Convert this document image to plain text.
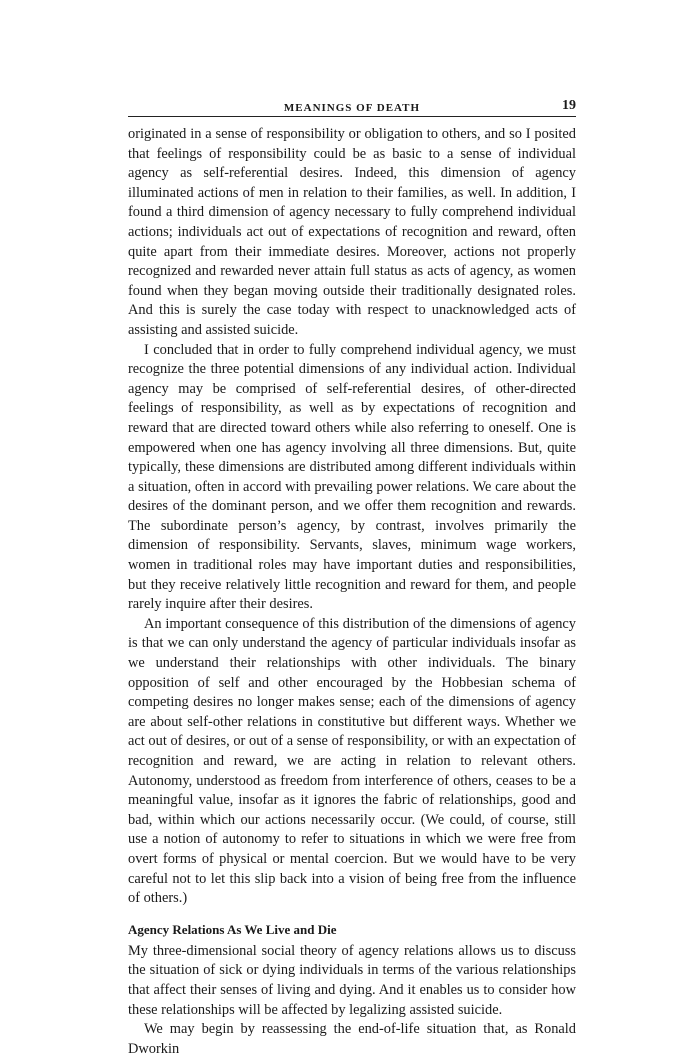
MEANINGS OF DEATH	19

originated in a sense of responsibility or obligation to others, and so I posited that feelings of responsibility could be as basic to a sense of individual agency as self-referential desires. Indeed, this dimension of agency illuminated actions of men in relation to their families, as well. In addition, I found a third dimension of agency necessary to fully comprehend individual actions; individuals act out of expectations of recognition and reward, often quite apart from their immediate desires. Moreover, actions not properly recognized and rewarded never attain full status as acts of agency, as women found when they began moving outside their traditionally designated roles. And this is surely the case today with respect to unacknowledged acts of assisting and assisted suicide.

I concluded that in order to fully comprehend individual agency, we must recognize the three potential dimensions of any individual action. Individual agency may be comprised of self-referential desires, of other-directed feelings of responsibility, as well as by expectations of recognition and reward that are directed toward others while also referring to oneself. One is empowered when one has agency involving all three dimensions. But, quite typically, these dimensions are distributed among different individuals within a situation, often in accord with prevailing power relations. We care about the desires of the dominant person, and we offer them recognition and rewards. The subordinate person’s agency, by contrast, involves primarily the dimension of responsibility. Servants, slaves, minimum wage workers, women in traditional roles may have important duties and responsibilities, but they receive relatively little recognition and reward for them, and people rarely inquire after their desires.

An important consequence of this distribution of the dimensions of agency is that we can only understand the agency of particular individuals insofar as we understand their relationships with other individuals. The binary opposition of self and other encouraged by the Hobbesian schema of competing desires no longer makes sense; each of the dimensions of agency are about self-other relations in constitutive but different ways. Whether we act out of desires, or out of a sense of responsibility, or with an expectation of recognition and reward, we are acting in relation to relevant others. Autonomy, understood as freedom from interference of others, ceases to be a meaningful value, insofar as it ignores the fabric of relationships, good and bad, within which our actions necessarily occur. (We could, of course, still use a notion of autonomy to refer to situations in which we were free from overt forms of physical or mental coercion. But we would have to be very careful not to let this slip back into a vision of being free from the influence of others.)

Agency Relations As We Live and Die

My three-dimensional social theory of agency relations allows us to discuss the situation of sick or dying individuals in terms of the various relationships that affect their senses of living and dying. And it enables us to consider how these relationships will be affected by legalizing assisted suicide.

We may begin by reassessing the end-of-life situation that, as Ronald Dworkin
